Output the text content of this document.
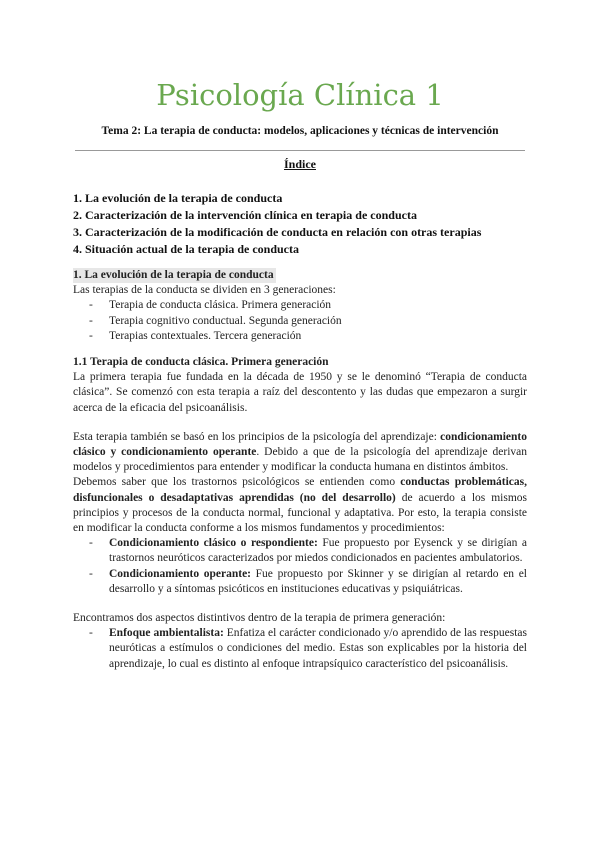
Psicología Clínica 1
Tema 2: La terapia de conducta: modelos, aplicaciones y técnicas de intervención
Índice
1. La evolución de la terapia de conducta
2. Caracterización de la intervención clínica en terapia de conducta
3. Caracterización de la modificación de conducta en relación con otras terapias
4. Situación actual de la terapia de conducta

1. La evolución de la terapia de conducta

Las terapias de la conducta se dividen en 3 generaciones:

- Terapia de conducta clásica. Primera generación
- Terapia cognitivo conductual. Segunda generación
- Terapias contextuales. Tercera generación

1.1 Terapia de conducta clásica. Primera generación

La primera terapia fue fundada en la década de 1950 y se le denominó “Terapia de conducta clásica”. Se comenzó con esta terapia a raíz del descontento y las dudas que empezaron a surgir acerca de la eficacia del psicoanálisis.

Esta terapia también se basó en los principios de la psicología del aprendizaje: condicionamiento clásico y condicionamiento operante. Debido a que de la psicología del aprendizaje derivan modelos y procedimientos para entender y modificar la conducta humana en distintos ámbitos.

Debemos saber que los trastornos psicológicos se entienden como conductas problemáticas, disfuncionales o desadaptativas aprendidas (no del desarrollo) de acuerdo a los mismos principios y procesos de la conducta normal, funcional y adaptativa. Por esto, la terapia consiste en modificar la conducta conforme a los mismos fundamentos y procedimientos:

- Condicionamiento clásico o respondiente: Fue propuesto por Eysenck y se dirigían a trastornos neuróticos caracterizados por miedos condicionados en pacientes ambulatorios.
- Condicionamiento operante: Fue propuesto por Skinner y se dirigían al retardo en el desarrollo y a síntomas psicóticos en instituciones educativas y psiquiátricas.

Encontramos dos aspectos distintivos dentro de la terapia de primera generación:

- Enfoque ambientalista: Enfatiza el carácter condicionado y/o aprendido de las respuestas neuróticas a estímulos o condiciones del medio. Estas son explicables por la historia del aprendizaje, lo cual es distinto al enfoque intrapsíquico característico del psicoanálisis.
